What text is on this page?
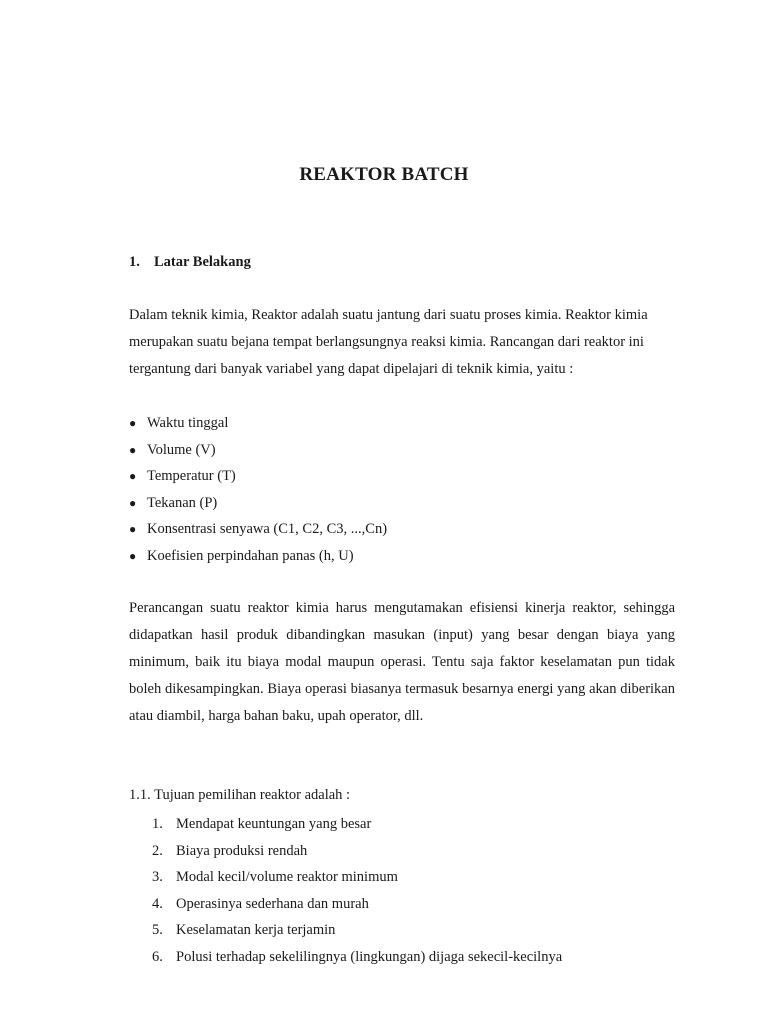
REAKTOR BATCH
1. Latar Belakang

Dalam teknik kimia, Reaktor adalah suatu jantung dari suatu proses kimia. Reaktor kimia merupakan suatu bejana tempat berlangsungnya reaksi kimia. Rancangan dari reaktor ini tergantung dari banyak variabel yang dapat dipelajari di teknik kimia, yaitu :

● Waktu tinggal
● Volume (V)
● Temperatur (T)
● Tekanan (P)
● Konsentrasi senyawa (C1, C2, C3, ...,Cn)
● Koefisien perpindahan panas (h, U)

Perancangan suatu reaktor kimia harus mengutamakan efisiensi kinerja reaktor, sehingga didapatkan hasil produk dibandingkan masukan (input) yang besar dengan biaya yang minimum, baik itu biaya modal maupun operasi. Tentu saja faktor keselamatan pun tidak boleh dikesampingkan. Biaya operasi biasanya termasuk besarnya energi yang akan diberikan atau diambil, harga bahan baku, upah operator, dll.

1.1. Tujuan pemilihan reaktor adalah :
1. Mendapat keuntungan yang besar
2. Biaya produksi rendah
3. Modal kecil/volume reaktor minimum
4. Operasinya sederhana dan murah
5. Keselamatan kerja terjamin
6. Polusi terhadap sekelilingnya (lingkungan) dijaga sekecil-kecilnya
